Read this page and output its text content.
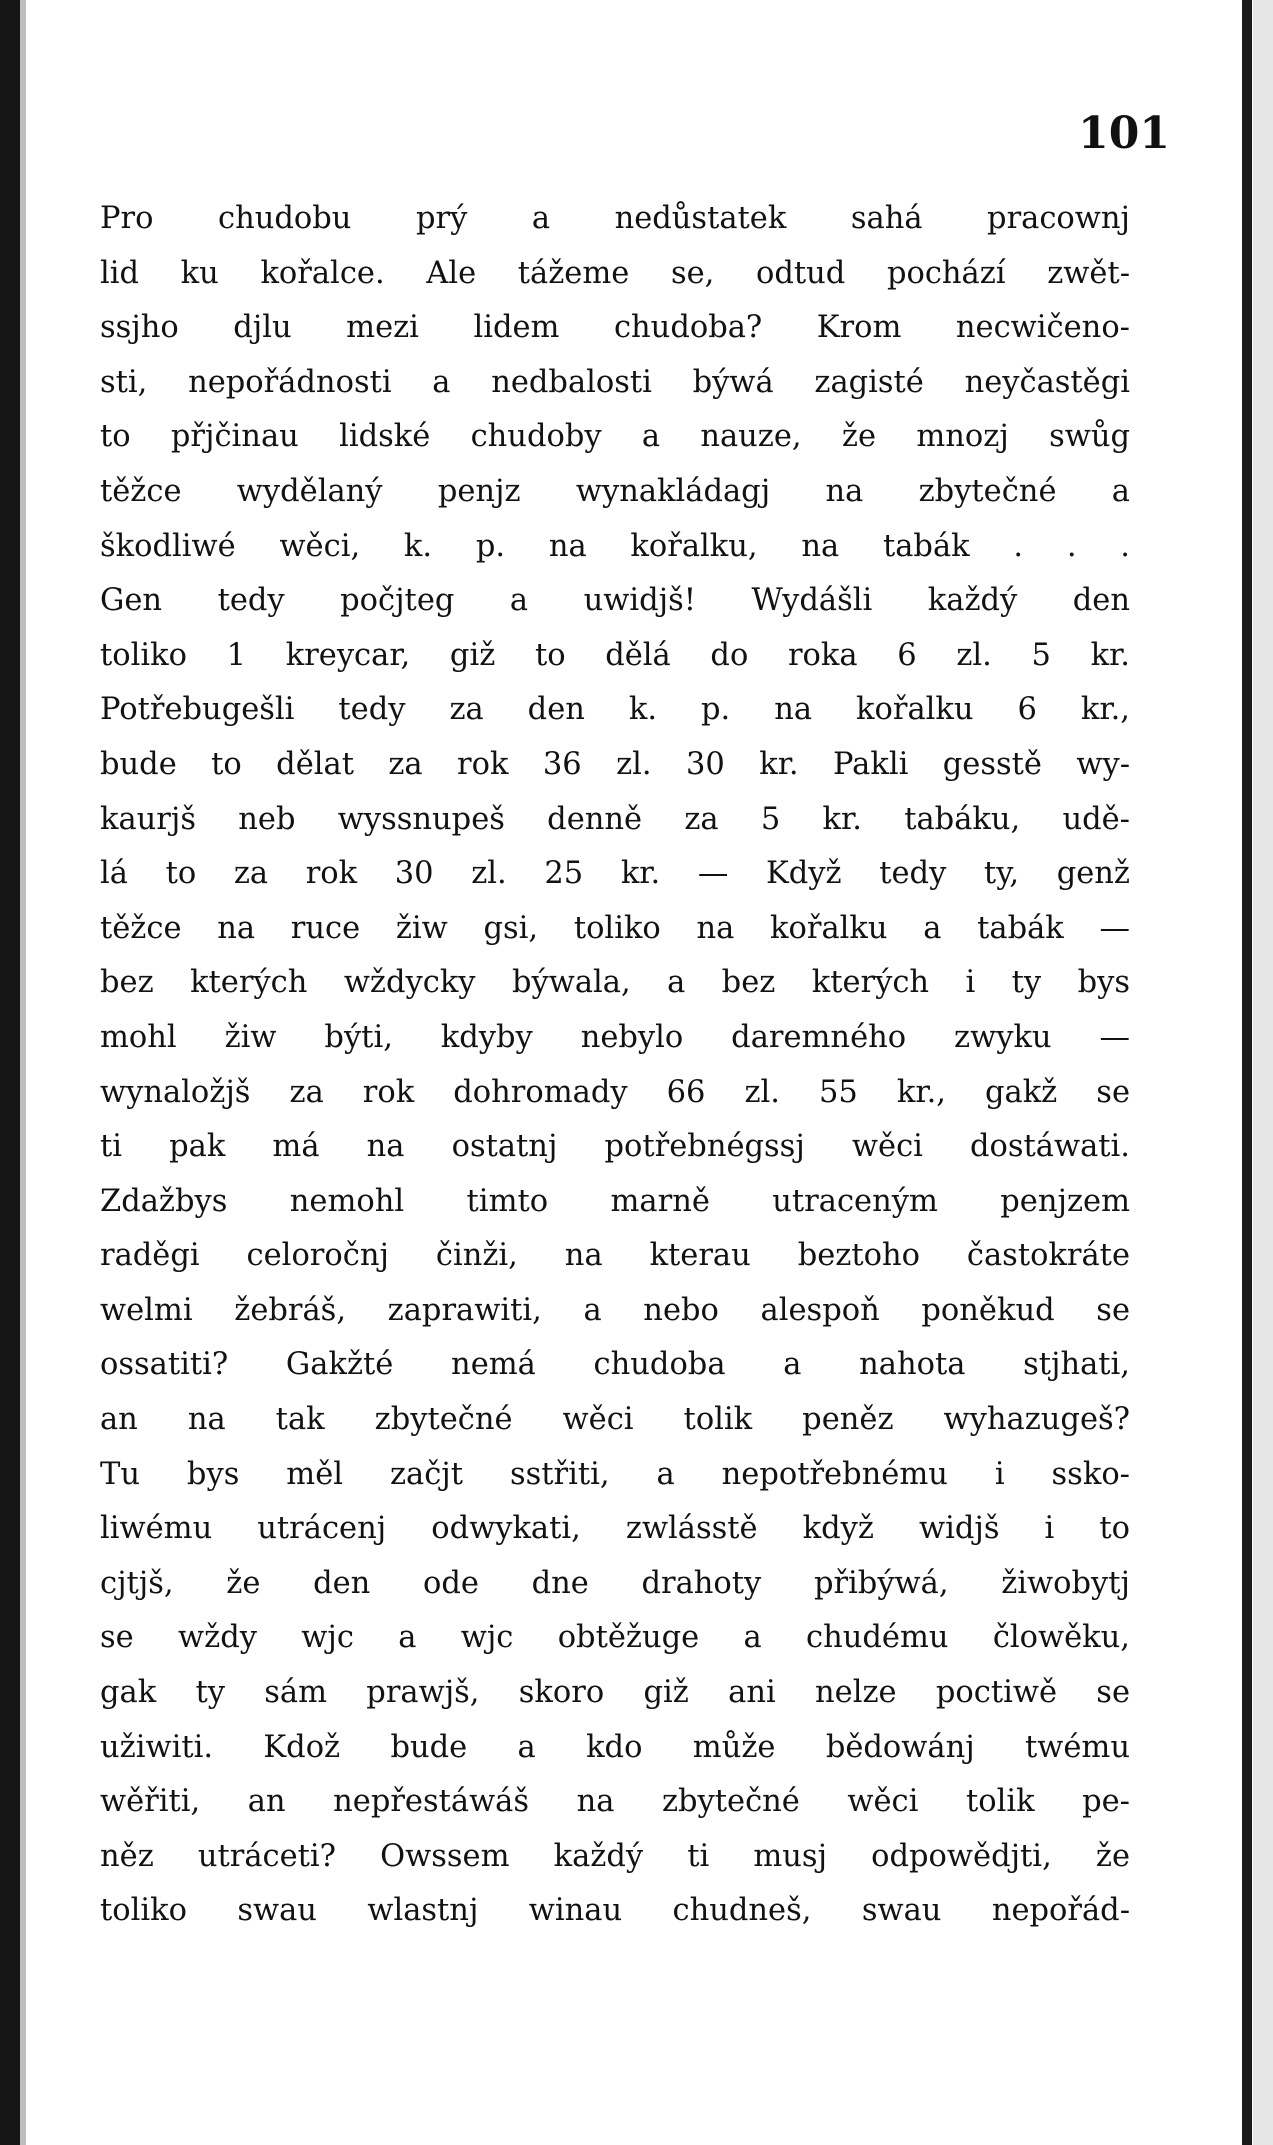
101
Pro chudobu prý a nedůstatek sahá pracownj
lid ku kořalce. Ale tážeme se, odtud pochází zwět-
ssjho djlu mezi lidem chudoba? Krom necwičeno-
sti, nepořádnosti a nedbalosti býwá zagisté neyčastěgi
to přjčinau lidské chudoby a nauze, že mnozj swůg
těžce wydělaný penjz wynakládagj na zbytečné a
škodliwé wěci, k. p. na kořalku, na tabák . . .
Gen tedy počjteg a uwidjš! Wydášli každý den
toliko 1 kreycar, giž to dělá do roka 6 zl. 5 kr.
Potřebugešli tedy za den k. p. na kořalku 6 kr.,
bude to dělat za rok 36 zl. 30 kr. Pakli gesstě wy-
kaurjš neb wyssnupeš denně za 5 kr. tabáku, udě-
lá to za rok 30 zl. 25 kr. — Když tedy ty, genž
těžce na ruce žiw gsi, toliko na kořalku a tabák —
bez kterých wždycky býwala, a bez kterých i ty bys
mohl žiw býti, kdyby nebylo daremného zwyku —
wynaložjš za rok dohromady 66 zl. 55 kr., gakž se
ti pak má na ostatnj potřebnégssj wěci dostáwati.
Zdažbys nemohl timto marně utraceným penjzem
raděgi celoročnj činži, na kterau beztoho častokráte
welmi žebráš, zaprawiti, a nebo alespoň poněkud se
ossatiti? Gakžté nemá chudoba a nahota stjhati,
an na tak zbytečné wěci tolik peněz wyhazugeš?
Tu bys měl začjt sstřiti, a nepotřebnému i ssko-
liwému utrácenj odwykati, zwlásstě když widjš i to
cjtjš, že den ode dne drahoty přibýwá, žiwobytj
se wždy wjc a wjc obtěžuge a chudému člowěku,
gak ty sám prawjš, skoro giž ani nelze poctiwě se
užiwiti. Kdož bude a kdo může bědowánj twému
wěřiti, an nepřestáwáš na zbytečné wěci tolik pe-
něz utráceti? Owssem každý ti musj odpowědjti, že
toliko swau wlastnj winau chudneš, swau nepořád-
